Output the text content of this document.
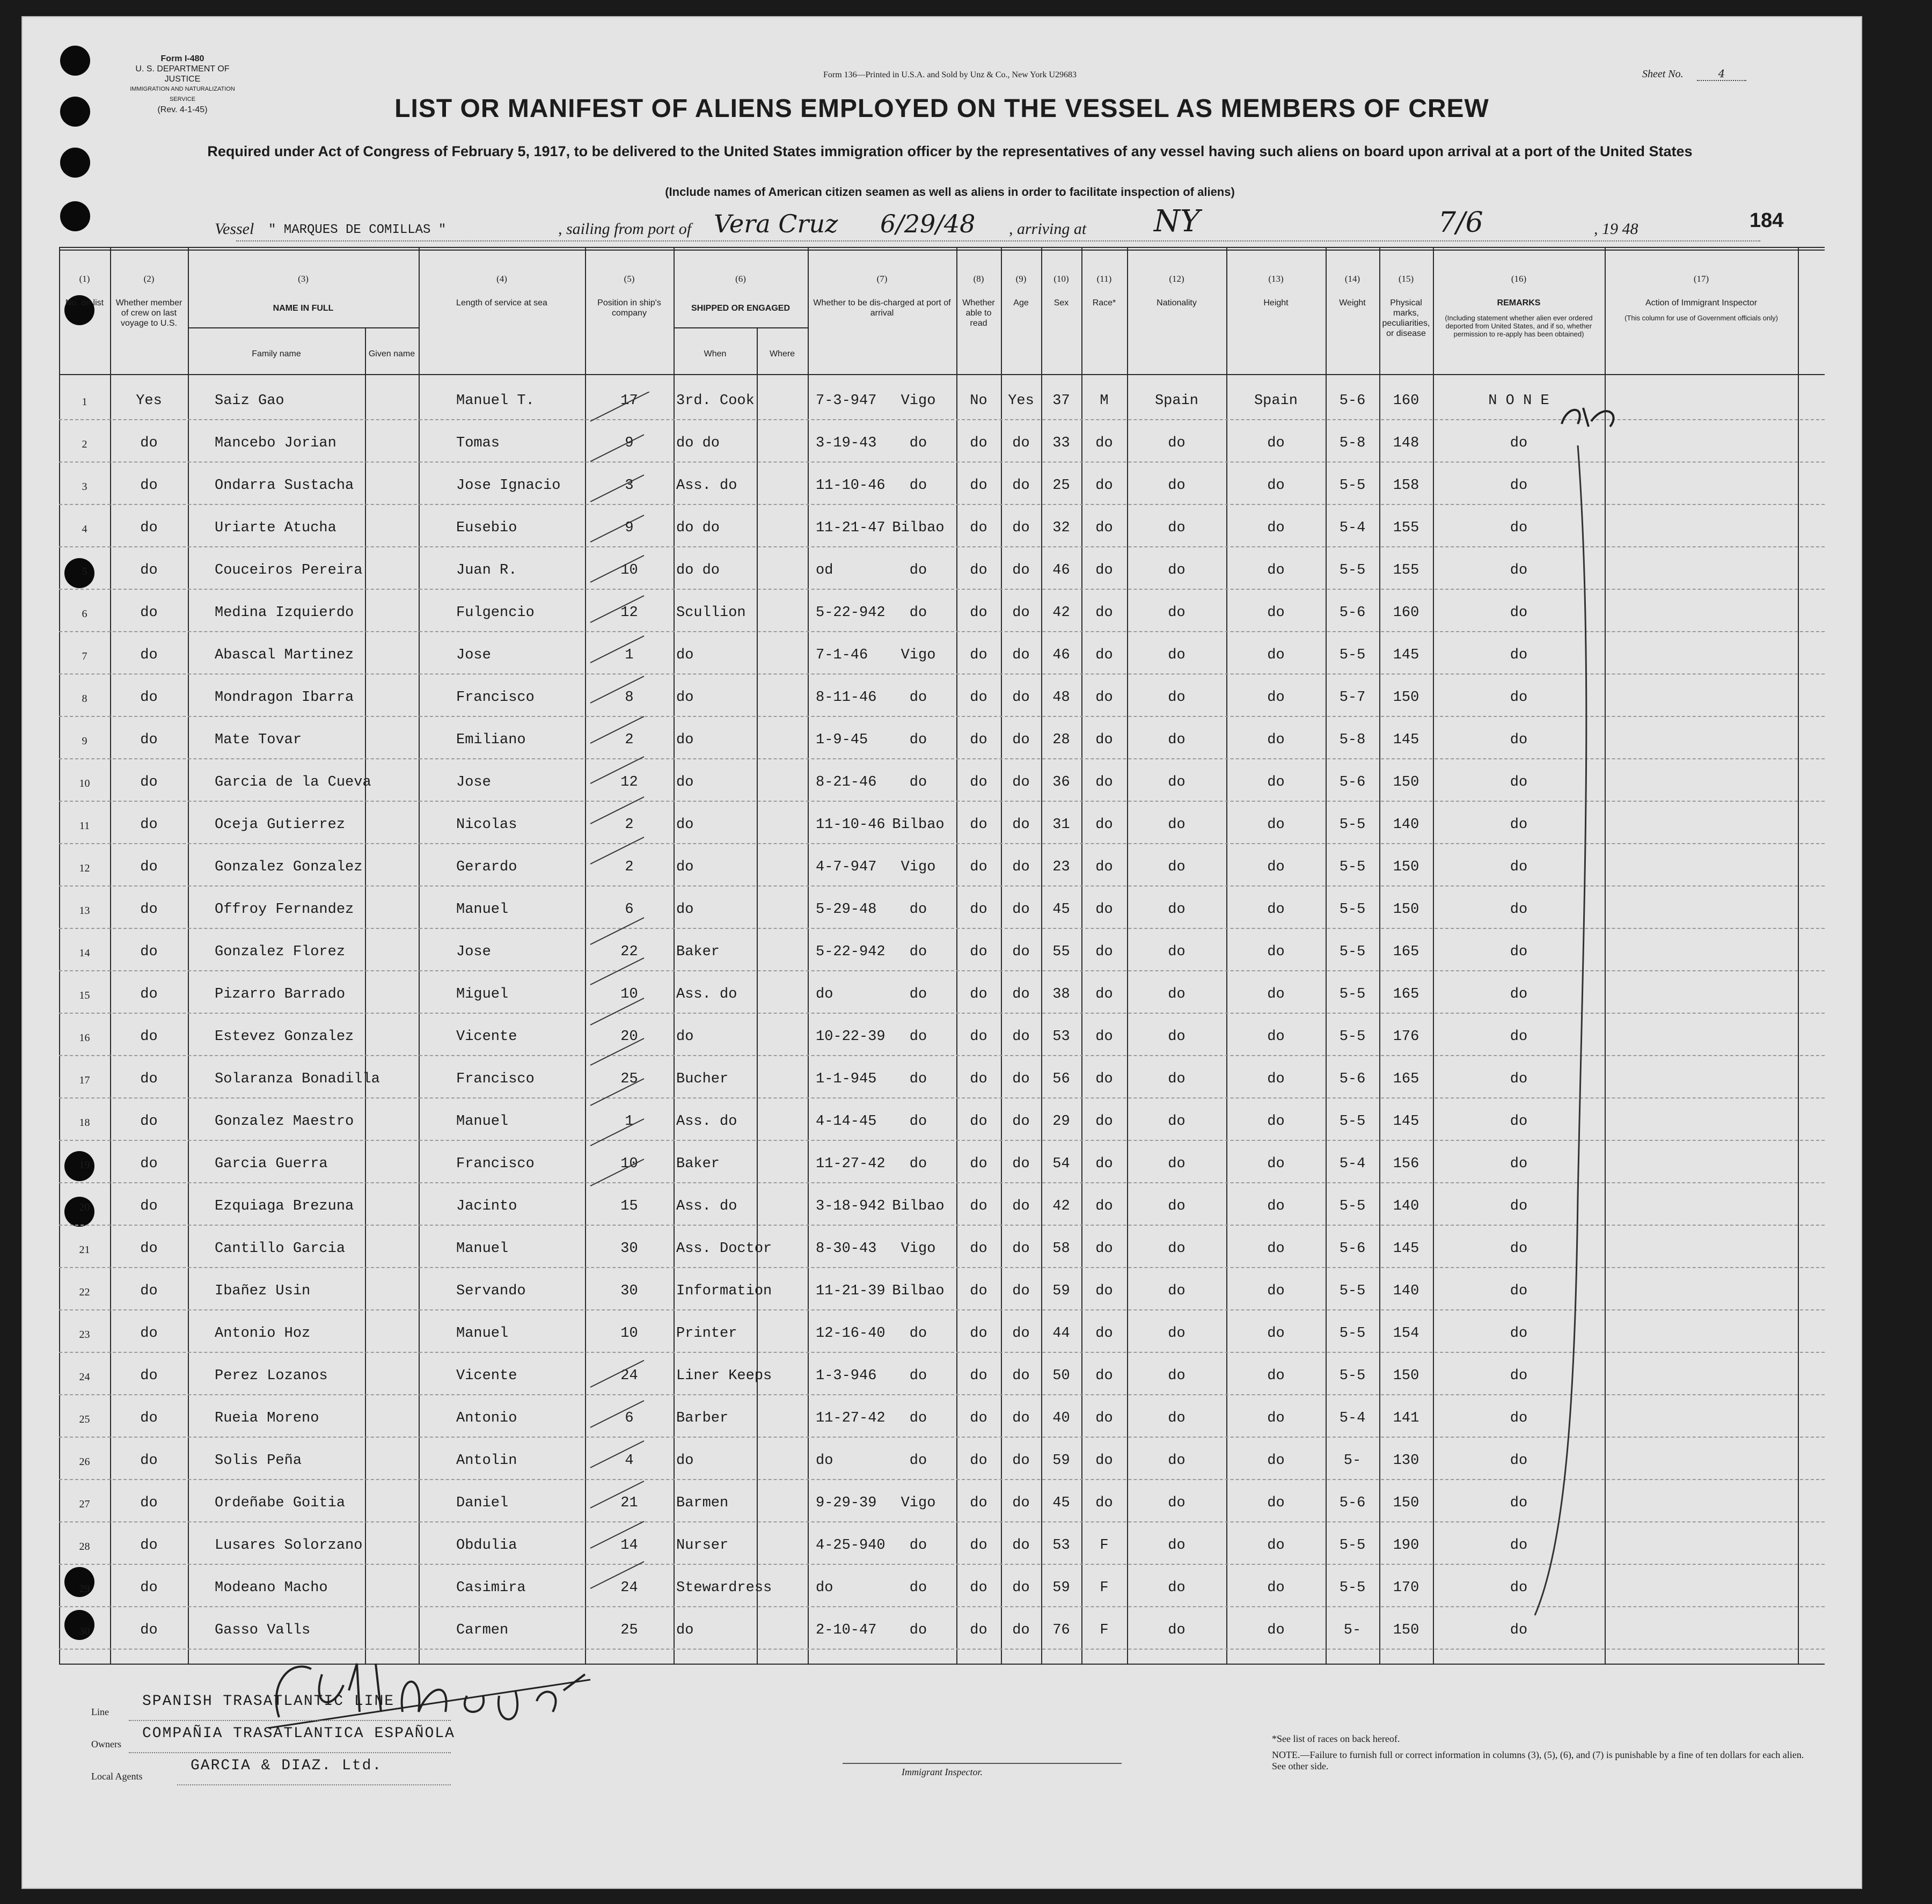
Form I-480
U. S. DEPARTMENT OF JUSTICE
IMMIGRATION AND NATURALIZATION SERVICE
(Rev. 4-1-45)
Form 136—Printed in U.S.A. and Sold by Unz & Co., New York U29683	Sheet No.	4
LIST OR MANIFEST OF ALIENS EMPLOYED ON THE VESSEL AS MEMBERS OF CREW
Required under Act of Congress of February 5, 1917, to be delivered to the United States immigration officer by the representatives of any vessel having such aliens on board upon arrival at a port of the United States
(Include names of American citizen seamen as well as aliens in order to facilitate inspection of aliens)
Vessel " MARQUES DE COMILLAS "	, sailing from port of Vera Cruz 6/29/48 , arriving at NY	7/6	, 19 48	184
(1)
No. on list
(2)
Whether member of crew on last voyage to U.S.
(3)
NAME IN FULL
Family name	Given name
(4)
Length of service at sea
(5)
Position in ship's company
(6)
SHIPPED OR ENGAGED
When	Where
(7)
Whether to be dis-charged at port of arrival
(8)
Whether able to read
(9)
Age
(10)
Sex
(11)
Race*
(12)
Nationality
(13)
Height
(14)
Weight
(15)
Physical marks, peculiarities, or disease
(16)
REMARKS
(Including statement whether alien ever ordered deported from United States, and if so, whether permission to re-apply has been obtained)
(17)
Action of Immigrant Inspector
(This column for use of Government officials only)
1	Yes	Saiz Gao	Manuel T.	17	3rd. Cook	7-3-947	Vigo	No	Yes	37	M	Spain	Spain	5-6	160	N O N E
2	do	Mancebo Jorian	Tomas	9	do do	3-19-43	do	do	do	33	do	do	do	5-8	148	do
3	do	Ondarra Sustacha	Jose Ignacio	3	Ass. do	11-10-46	do	do	do	25	do	do	do	5-5	158	do
4	do	Uriarte Atucha	Eusebio	9	do do	11-21-47 Bilbao	do	do	32	do	do	do	5-4	155	do
5	do	Couceiros Pereira	Juan R.	10	do do	od	do	do	do	46	do	do	do	5-5	155	do
6	do	Medina Izquierdo	Fulgencio	12	Scullion	5-22-942	do	do	do	42	do	do	do	5-6	160	do
7	do	Abascal Martinez	Jose	1	do	7-1-46	Vigo	do	do	46	do	do	do	5-5	145	do
8	do	Mondragon Ibarra	Francisco	8	do	8-11-46	do	do	do	48	do	do	do	5-7	150	do
9	do	Mate Tovar	Emiliano	2	do	1-9-45	do	do	do	28	do	do	do	5-8	145	do
10	do	Garcia de la Cueva	Jose	12	do	8-21-46	do	do	do	36	do	do	do	5-6	150	do
11	do	Oceja Gutierrez	Nicolas	2	do	11-10-46 Bilbao	do	do	31	do	do	do	5-5	140	do
12	do	Gonzalez Gonzalez	Gerardo	2	do	4-7-947	Vigo	do	do	23	do	do	do	5-5	150	do
13	do	Offroy Fernandez	Manuel	6	do	5-29-48	do	do	do	45	do	do	do	5-5	150	do
14	do	Gonzalez Florez	Jose	22	Baker	5-22-942	do	do	do	55	do	do	do	5-5	165	do
15	do	Pizarro Barrado	Miguel	10	Ass. do	do	do	do	do	38	do	do	do	5-5	165	do
16	do	Estevez Gonzalez	Vicente	20	do	10-22-39	do	do	do	53	do	do	do	5-5	176	do
17	do	Solaranza Bonadilla	Francisco	25	Bucher	1-1-945	do	do	do	56	do	do	do	5-6	165	do
18	do	Gonzalez Maestro	Manuel	1	Ass. do	4-14-45	do	do	do	29	do	do	do	5-5	145	do
19	do	Garcia Guerra	Francisco	10	Baker	11-27-42	do	do	do	54	do	do	do	5-4	156	do
20	do	Ezquiaga Brezuna	Jacinto	15	Ass. do	3-18-942 Bilbao	do	do	42	do	do	do	5-5	140	do
21	do	Cantillo Garcia	Manuel	30	Ass. Doctor	8-30-43	Vigo	do	do	58	do	do	do	5-6	145	do
22	do	Ibañez Usin	Servando	30	Information	11-21-39 Bilbao	do	do	59	do	do	do	5-5	140	do
23	do	Antonio Hoz	Manuel	10	Printer	12-16-40	do	do	do	44	do	do	do	5-5	154	do
24	do	Perez Lozanos	Vicente	24	Liner Keeps	1-3-946	do	do	do	50	do	do	do	5-5	150	do
25	do	Rueia Moreno	Antonio	6	Barber	11-27-42	do	do	do	40	do	do	do	5-4	141	do
26	do	Solis Peña	Antolin	4	do	do	do	do	do	59	do	do	do	5-	130	do
27	do	Ordeñabe Goitia	Daniel	21	Barmen	9-29-39	Vigo	do	do	45	do	do	do	5-6	150	do
28	do	Lusares Solorzano	Obdulia	14	Nurser	4-25-940	do	do	do	53	F	do	do	5-5	190	do
29	do	Modeano Macho	Casimira	24	Stewardress	do	do	do	do	59	F	do	do	5-5	170	do
30	do	Gasso Valls	Carmen	25	do	2-10-47	do	do	do	76	F	do	do	5-	150	do
Line
SPANISH TRASATLANTIC LINE
Owners
COMPAÑIA TRASATLANTICA ESPAÑOLA
Local Agents
GARCIA & DIAZ. Ltd.	Immigrant Inspector.
*See list of races on back hereof.
NOTE.—Failure to furnish full or correct information in columns (3), (5), (6), and (7) is punishable by a fine of ten dollars for each alien. See other side.
